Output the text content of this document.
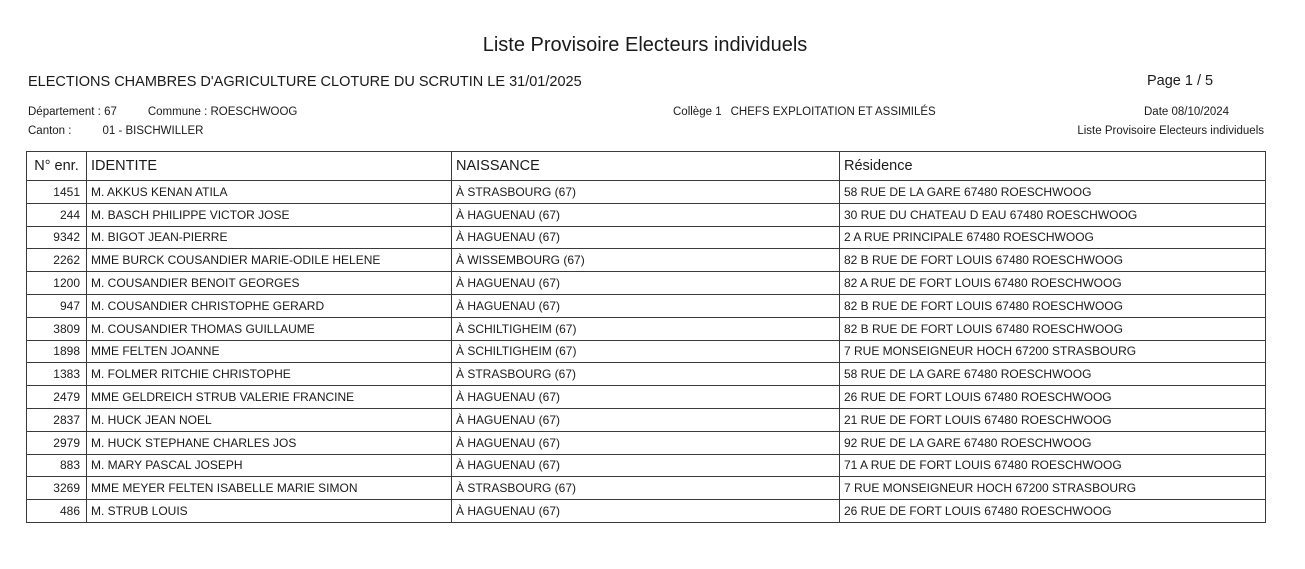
Liste Provisoire Electeurs individuels
ELECTIONS CHAMBRES D'AGRICULTURE CLOTURE DU SCRUTIN LE 31/01/2025	Page 1 / 5
Département : 67	Commune : ROESCHWOOG
Canton :	01 - BISCHWILLER
Collège 1 CHEFS EXPLOITATION ET ASSIMILÉS	Date 08/10/2024
Liste Provisoire Electeurs individuels
N° enr.	IDENTITE	NAISSANCE	Résidence
1451	M. AKKUS KENAN ATILA	À STRASBOURG (67)	58 RUE DE LA GARE 67480 ROESCHWOOG
244	M. BASCH PHILIPPE VICTOR JOSE	À HAGUENAU (67)	30 RUE DU CHATEAU D EAU 67480 ROESCHWOOG
9342	M. BIGOT JEAN-PIERRE	À HAGUENAU (67)	2 A RUE PRINCIPALE 67480 ROESCHWOOG
2262	MME BURCK COUSANDIER MARIE-ODILE HELENE	À WISSEMBOURG (67)	82 B RUE DE FORT LOUIS 67480 ROESCHWOOG
1200	M. COUSANDIER BENOIT GEORGES	À HAGUENAU (67)	82 A RUE DE FORT LOUIS 67480 ROESCHWOOG
947	M. COUSANDIER CHRISTOPHE GERARD	À HAGUENAU (67)	82 B RUE DE FORT LOUIS 67480 ROESCHWOOG
3809	M. COUSANDIER THOMAS GUILLAUME	À SCHILTIGHEIM (67)	82 B RUE DE FORT LOUIS 67480 ROESCHWOOG
1898	MME FELTEN JOANNE	À SCHILTIGHEIM (67)	7 RUE MONSEIGNEUR HOCH 67200 STRASBOURG
1383	M. FOLMER RITCHIE CHRISTOPHE	À STRASBOURG (67)	58 RUE DE LA GARE 67480 ROESCHWOOG
2479	MME GELDREICH STRUB VALERIE FRANCINE	À HAGUENAU (67)	26 RUE DE FORT LOUIS 67480 ROESCHWOOG
2837	M. HUCK JEAN NOEL	À HAGUENAU (67)	21 RUE DE FORT LOUIS 67480 ROESCHWOOG
2979	M. HUCK STEPHANE CHARLES JOS	À HAGUENAU (67)	92 RUE DE LA GARE 67480 ROESCHWOOG
883	M. MARY PASCAL JOSEPH	À HAGUENAU (67)	71 A RUE DE FORT LOUIS 67480 ROESCHWOOG
3269	MME MEYER FELTEN ISABELLE MARIE SIMON	À STRASBOURG (67)	7 RUE MONSEIGNEUR HOCH 67200 STRASBOURG
486	M. STRUB LOUIS	À HAGUENAU (67)	26 RUE DE FORT LOUIS 67480 ROESCHWOOG
